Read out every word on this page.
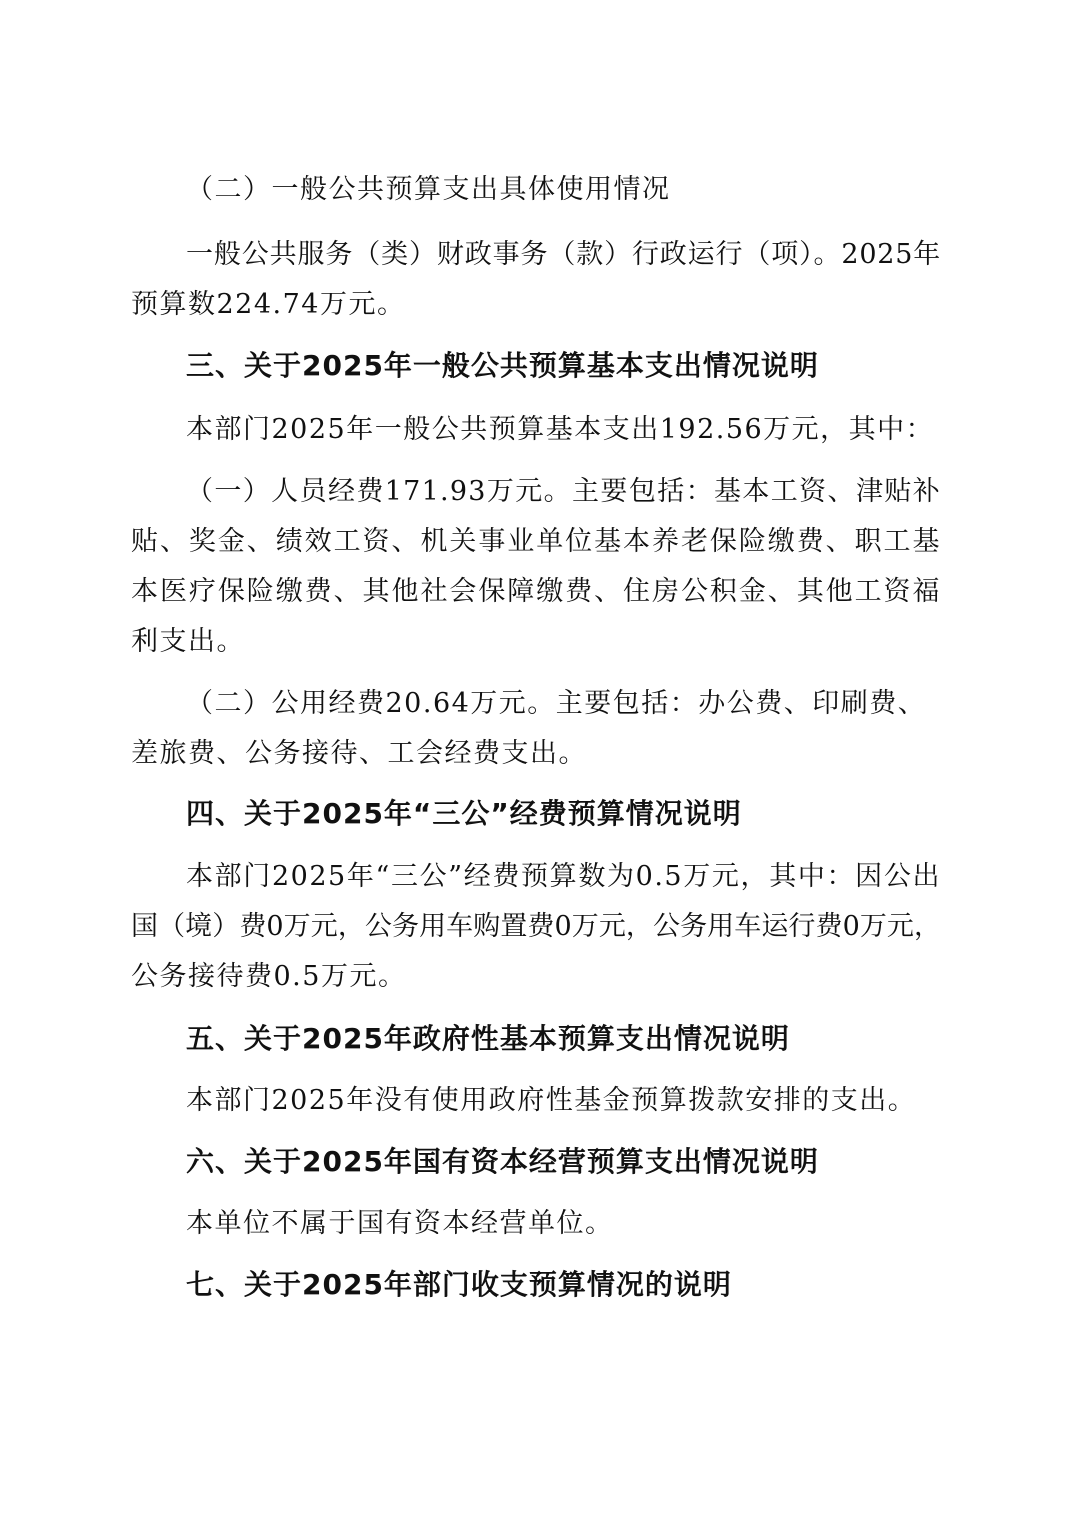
（二）一般公共预算支出具体使用情况
一般公共服务（类）财政事务（款）行政运行（项）。2025年
预算数224.74万元。
三、关于2025年一般公共预算基本支出情况说明
本部门2025年一般公共预算基本支出192.56万元，其中：
（一）人员经费171.93万元。主要包括：基本工资、津贴补
贴、奖金、绩效工资、机关事业单位基本养老保险缴费、职工基
本医疗保险缴费、其他社会保障缴费、住房公积金、其他工资福
利支出。
（二）公用经费20.64万元。主要包括：办公费、印刷费、
差旅费、公务接待、工会经费支出。
四、关于2025年“三公”经费预算情况说明
本部门2025年“三公”经费预算数为0.5万元，其中：因公出
国（境）费0万元，公务用车购置费0万元，公务用车运行费0万元，
公务接待费0.5万元。
五、关于2025年政府性基本预算支出情况说明
本部门2025年没有使用政府性基金预算拨款安排的支出。
六、关于2025年国有资本经营预算支出情况说明
本单位不属于国有资本经营单位。
七、关于2025年部门收支预算情况的说明
